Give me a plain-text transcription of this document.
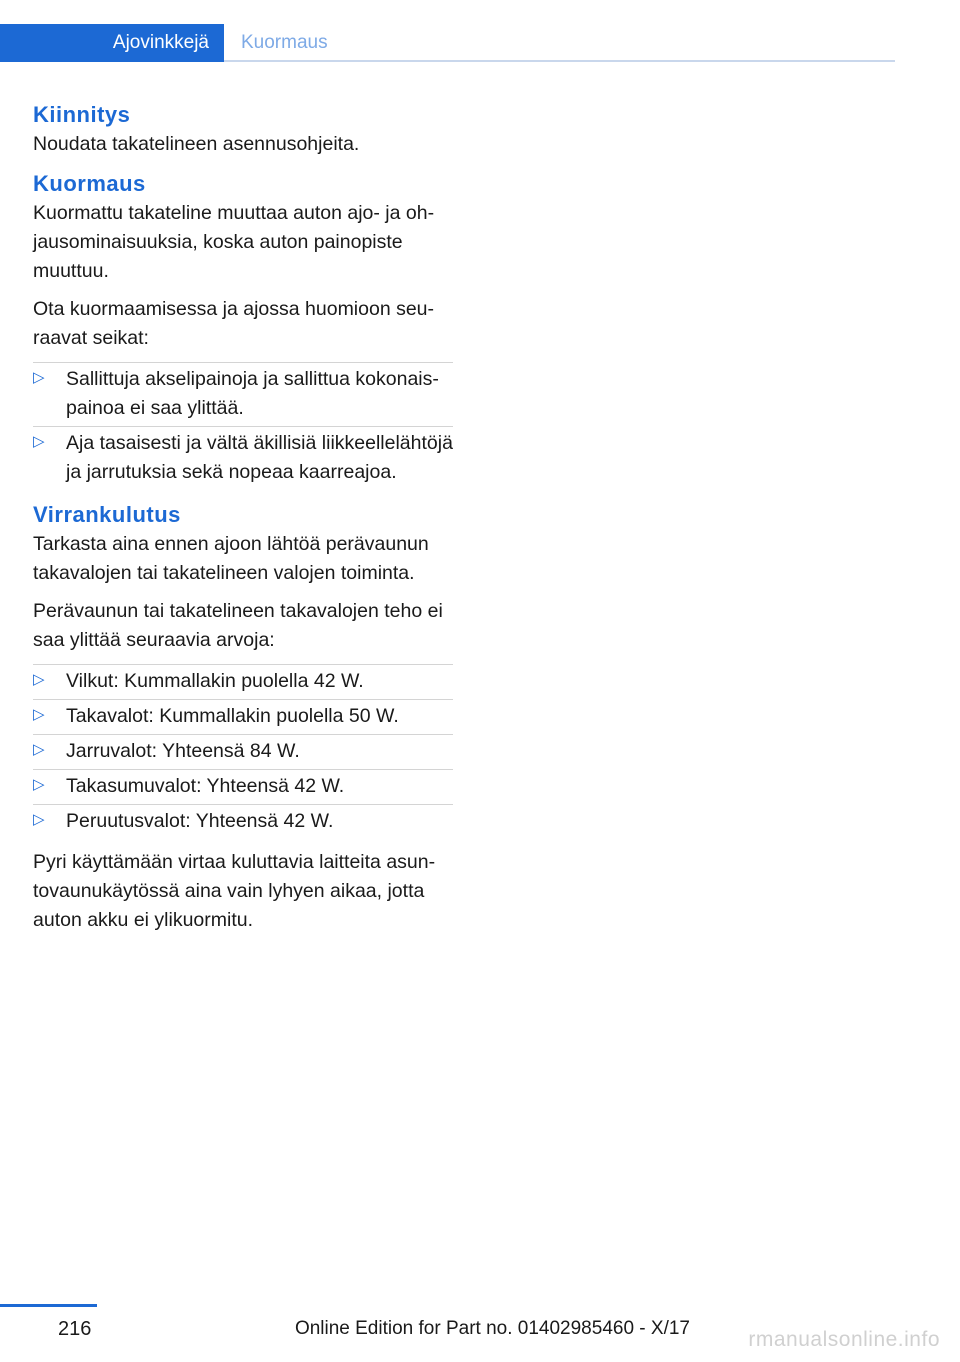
Ajovinkkejä	Kuormaus
Kiinnitys

Noudata takatelineen asennusohjeita.

Kuormaus

Kuormattu takateline muuttaa auton ajo- ja ohjausominaisuuksia, koska auton painopiste muuttuu.

Ota kuormaamisessa ja ajossa huomioon seuraavat seikat:

▷ Sallittuja akselipainoja ja sallittua kokonaispainoa ei saa ylittää.
▷ Aja tasaisesti ja vältä äkillisiä liikkeellelähtöjä ja jarrutuksia sekä nopeaa kaarreajoa.
Virrankulutus

Tarkasta aina ennen ajoon lähtöä perävaunun takavalojen tai takatelineen valojen toiminta.

Perävaunun tai takatelineen takavalojen teho ei saa ylittää seuraavia arvoja:

▷ Vilkut: Kummallakin puolella 42 W.
▷ Takavalot: Kummallakin puolella 50 W.
▷ Jarruvalot: Yhteensä 84 W.
▷ Takasumuvalot: Yhteensä 42 W.
▷ Peruutusvalot: Yhteensä 42 W.

Pyri käyttämään virtaa kuluttavia laitteita asuntovaunukäytössä aina vain lyhyen aikaa, jotta auton akku ei ylikuormitu.

216	Online Edition for Part no. 01402985460 - X/17	rmanualsonline.info
